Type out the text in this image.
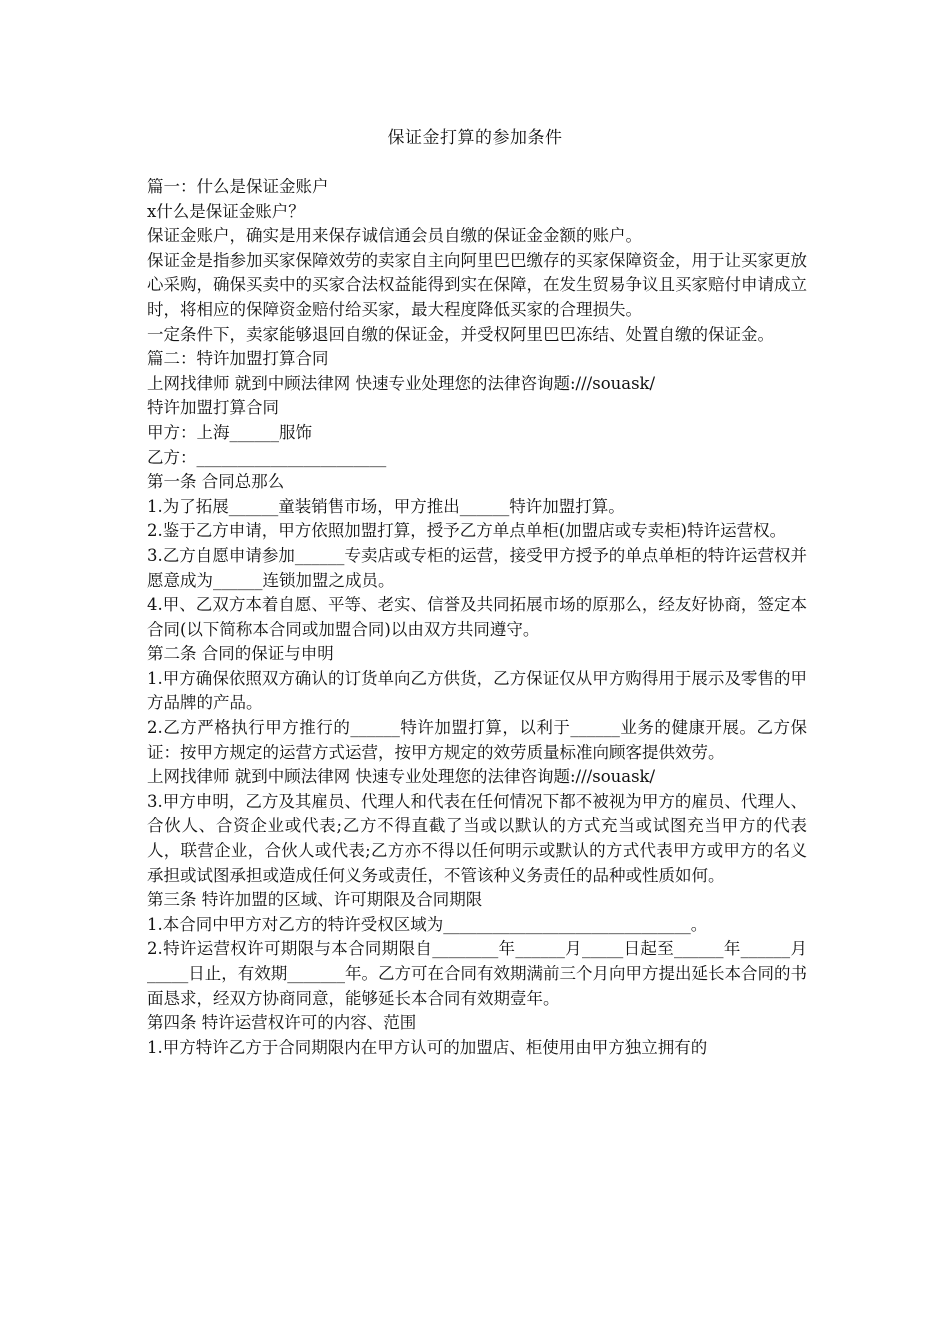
保证金打算的参加条件

篇一：什么是保证金账户

x什么是保证金账户？

保证金账户，确实是用来保存诚信通会员自缴的保证金金额的账户。

保证金是指参加买家保障效劳的卖家自主向阿里巴巴缴存的买家保障资金，用于让买家更放心采购，确保买卖中的买家合法权益能得到实在保障，在发生贸易争议且买家赔付申请成立时，将相应的保障资金赔付给买家，最大程度降低买家的合理损失。

一定条件下，卖家能够退回自缴的保证金，并受权阿里巴巴冻结、处置自缴的保证金。

篇二：特许加盟打算合同

上网找律师 就到中顾法律网 快速专业处理您的法律咨询题:///souask/

特许加盟打算合同

甲方：上海______服饰

乙方：_______________________

第一条 合同总那么

1.为了拓展______童装销售市场，甲方推出______特许加盟打算。

2.鉴于乙方申请，甲方依照加盟打算，授予乙方单点单柜(加盟店或专卖柜)特许运营权。

3.乙方自愿申请参加______专卖店或专柜的运营，接受甲方授予的单点单柜的特许运营权并愿意成为______连锁加盟之成员。

4.甲、乙双方本着自愿、平等、老实、信誉及共同拓展市场的原那么，经友好协商，签定本合同(以下简称本合同或加盟合同)以由双方共同遵守。

第二条 合同的保证与申明

1.甲方确保依照双方确认的订货单向乙方供货，乙方保证仅从甲方购得用于展示及零售的甲方品牌的产品。

2.乙方严格执行甲方推行的______特许加盟打算，以利于______业务的健康开展。乙方保证：按甲方规定的运营方式运营，按甲方规定的效劳质量标准向顾客提供效劳。

上网找律师 就到中顾法律网 快速专业处理您的法律咨询题:///souask/

3.甲方申明，乙方及其雇员、代理人和代表在任何情况下都不被视为甲方的雇员、代理人、合伙人、合资企业或代表;乙方不得直截了当或以默认的方式充当或试图充当甲方的代表人，联营企业，合伙人或代表;乙方亦不得以任何明示或默认的方式代表甲方或甲方的名义承担或试图承担或造成任何义务或责任，不管该种义务责任的品种或性质如何。

第三条 特许加盟的区域、许可期限及合同期限

1.本合同中甲方对乙方的特许受权区域为______________________________。

2.特许运营权许可期限与本合同期限自________年______月_____日起至______年______月_____日止，有效期_______年。乙方可在合同有效期满前三个月向甲方提出延长本合同的书面恳求，经双方协商同意，能够延长本合同有效期壹年。

第四条 特许运营权许可的内容、范围

1.甲方特许乙方于合同期限内在甲方认可的加盟店、柜使用由甲方独立拥有的
